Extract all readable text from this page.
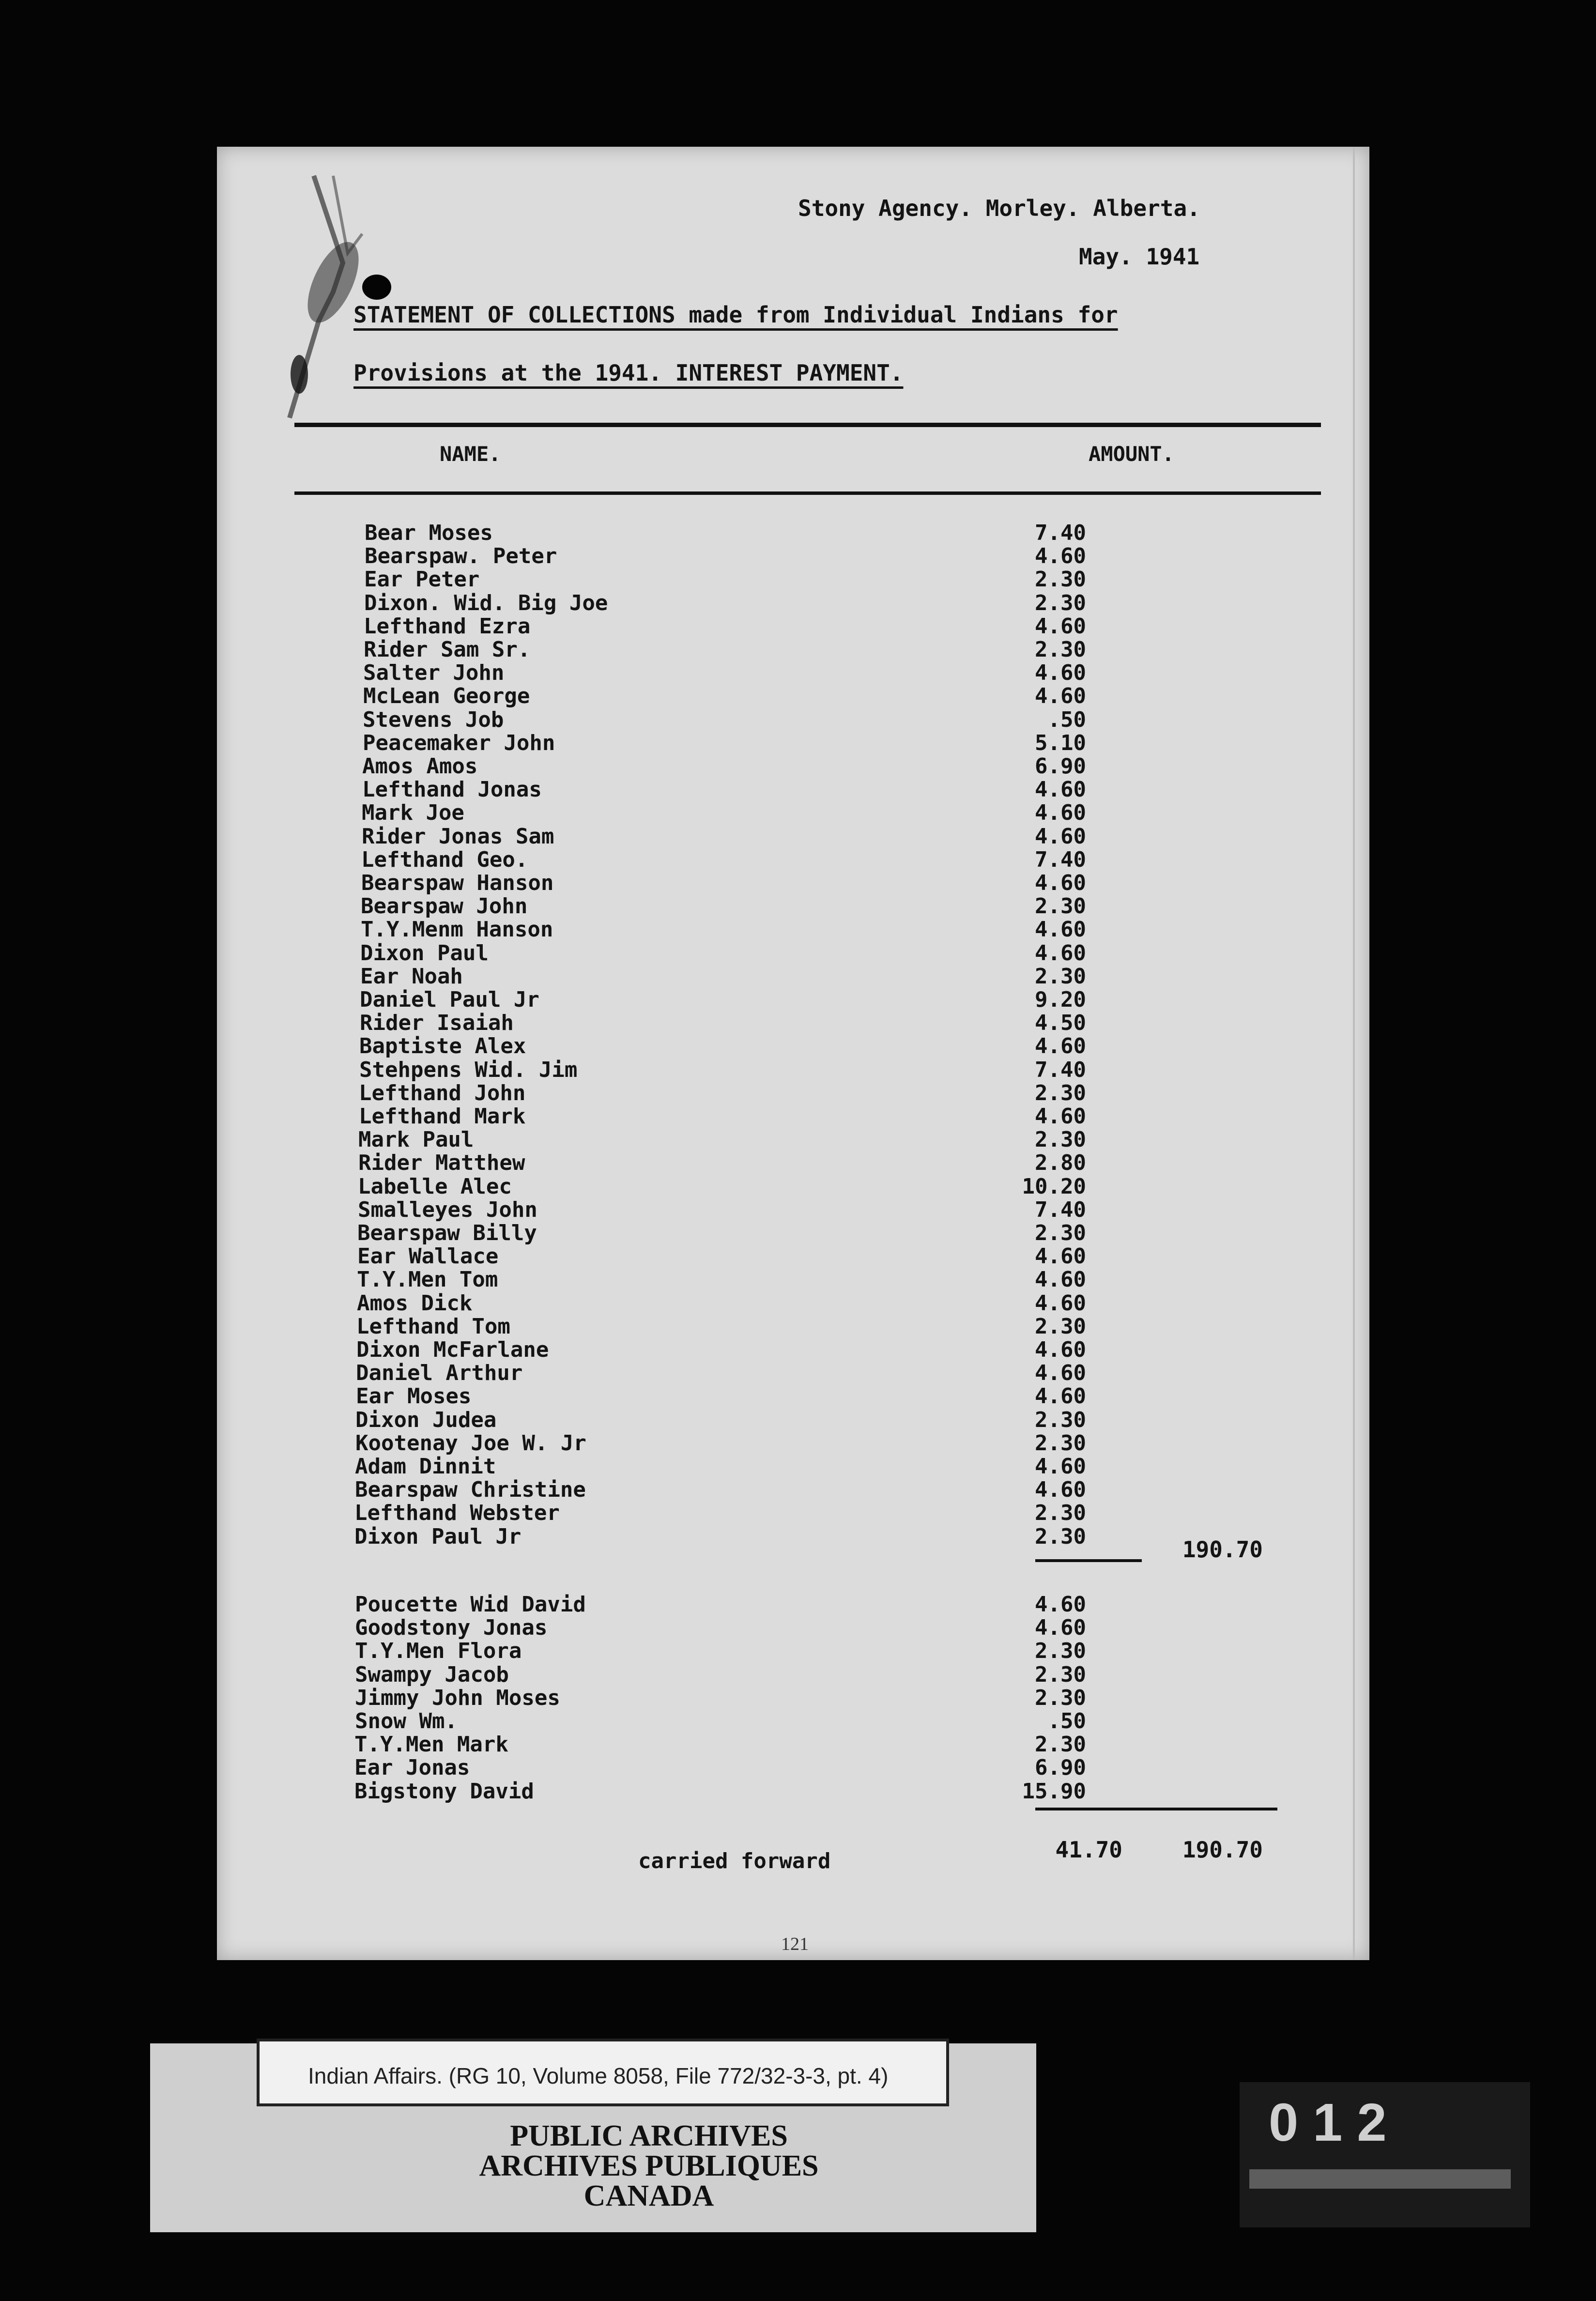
Stony Agency. Morley. Alberta.
May. 1941
STATEMENT OF COLLECTIONS made from Individual Indians for
Provisions at the 1941. INTEREST PAYMENT.
NAME.	AMOUNT.
Bear Moses	7.40
Bearspaw. Peter	4.60
Ear Peter	2.30
Dixon. Wid. Big Joe	2.30
Lefthand Ezra	4.60
Rider Sam Sr.	2.30
Salter John	4.60
McLean George	4.60
Stevens Job	.50
Peacemaker John	5.10
Amos Amos	6.90
Lefthand Jonas	4.60
Mark Joe	4.60
Rider Jonas Sam	4.60
Lefthand Geo.	7.40
Bearspaw Hanson	4.60
Bearspaw John	2.30
T.Y.Menm Hanson	4.60
Dixon Paul	4.60
Ear Noah	2.30
Daniel Paul Jr	9.20
Rider Isaiah	4.50
Baptiste Alex	4.60
Stehpens Wid. Jim	7.40
Lefthand John	2.30
Lefthand Mark	4.60
Mark Paul	2.30
Rider Matthew	2.80
Labelle Alec	10.20
Smalleyes John	7.40
Bearspaw Billy	2.30
Ear Wallace	4.60
T.Y.Men Tom	4.60
Amos Dick	4.60
Lefthand Tom	2.30
Dixon McFarlane	4.60
Daniel Arthur	4.60
Ear Moses	4.60
Dixon Judea	2.30
Kootenay Joe W. Jr	2.30
Adam Dinnit	4.60
Bearspaw Christine	4.60
Lefthand Webster	2.30
Dixon Paul Jr	2.30	190.70
Poucette Wid David	4.60
Goodstony Jonas	4.60
T.Y.Men Flora	2.30
Swampy Jacob	2.30
Jimmy John Moses	2.30
Snow Wm.	.50
T.Y.Men Mark	2.30
Ear Jonas	6.90
Bigstony David	15.90
carried forward	41.70	190.70
121
Indian Affairs. (RG 10, Volume 8058, File 772/32-3-3, pt. 4)
PUBLIC ARCHIVES
ARCHIVES PUBLIQUES
CANADA
012
